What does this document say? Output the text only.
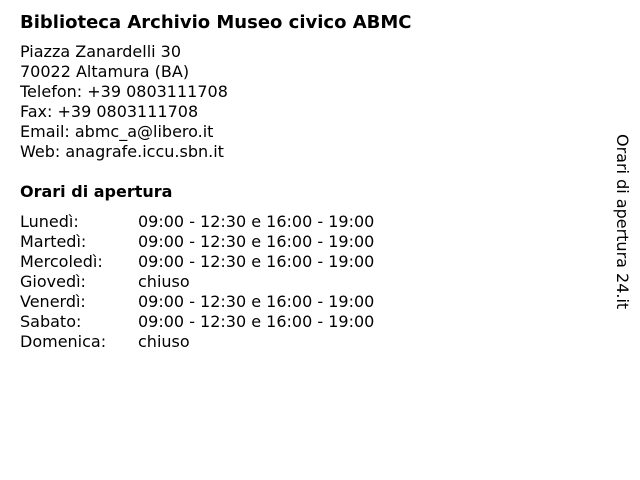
Biblioteca Archivio Museo civico ABMC
Piazza Zanardelli 30
70022 Altamura (BA)
Telefon: +39 0803111708
Fax: +39 0803111708
Email: abmc_a@libero.it
Web: anagrafe.iccu.sbn.it
Orari di apertura
Lunedì:	09:00 - 12:30 e 16:00 - 19:00
Martedì:	09:00 - 12:30 e 16:00 - 19:00
Mercoledì:	09:00 - 12:30 e 16:00 - 19:00
Giovedì:	chiuso
Venerdì:	09:00 - 12:30 e 16:00 - 19:00
Sabato:	09:00 - 12:30 e 16:00 - 19:00
Domenica:	chiuso
Orari di apertura 24.it
